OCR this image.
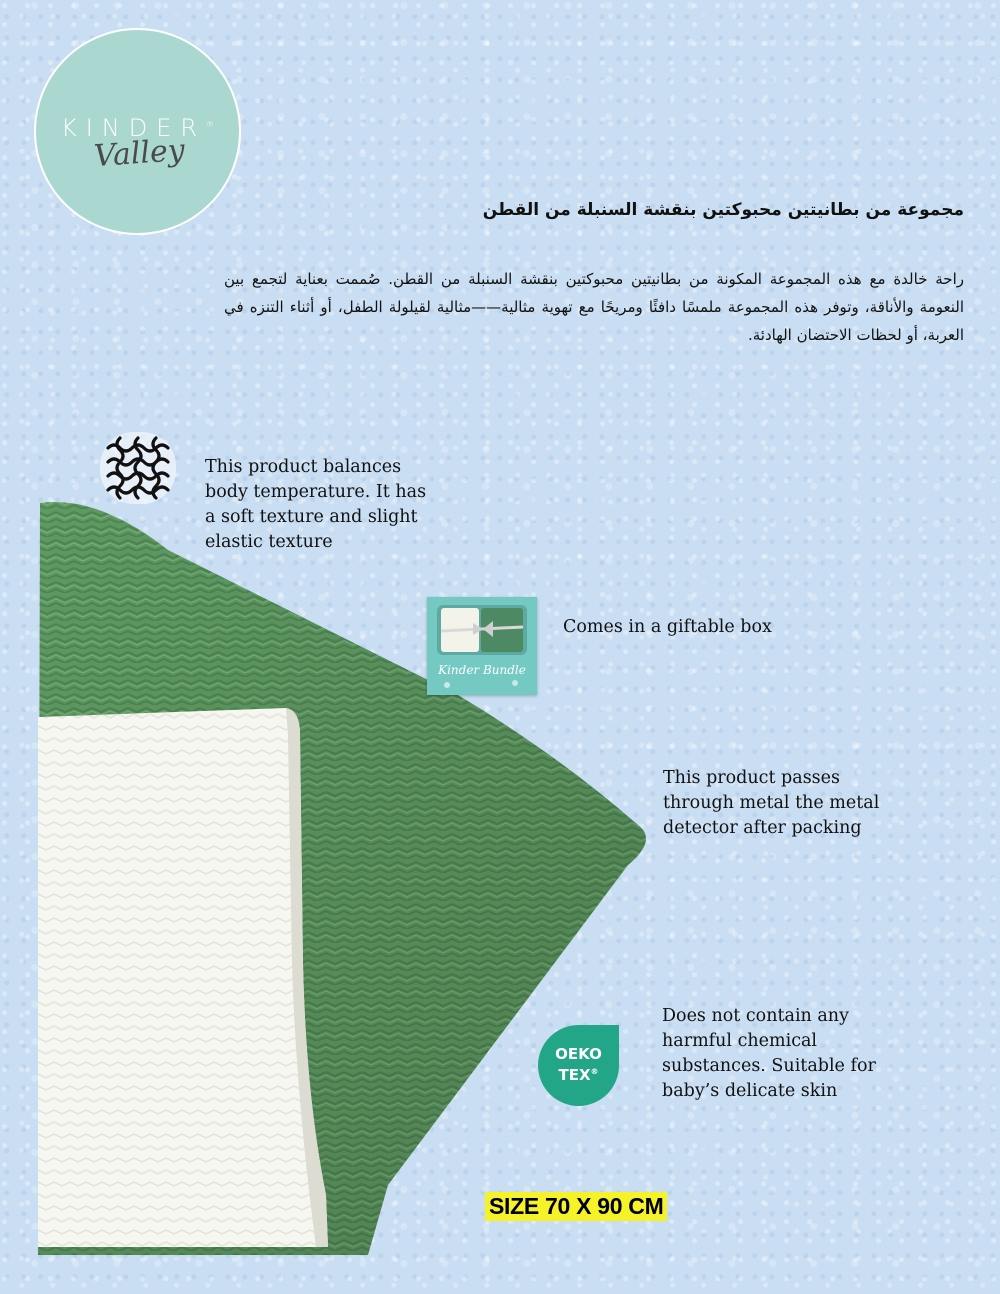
KINDER®
Valley
مجموعة من بطانيتين محبوكتين بنقشة السنبلة من القطن
راحة خالدة مع هذه المجموعة المكونة من بطانيتين محبوكتين بنقشة السنبلة من القطن. صُممت بعناية لتجمع بين النعومة والأناقة، وتوفر هذه المجموعة ملمسًا دافئًا ومريحًا مع تهوية مثالية——مثالية لقيلولة الطفل، أو أثناء التنزه في العربة، أو لحظات الاحتضان الهادئة.
Kinder Bundle
This product balances body temperature. It has a soft texture and slight elastic texture
Comes in a giftable box
This product passes through metal the metal detector after packing
Does not contain any harmful chemical substances. Suitable for baby’s delicate skin
OEKO
TEX®
SIZE 70 X 90 CM
